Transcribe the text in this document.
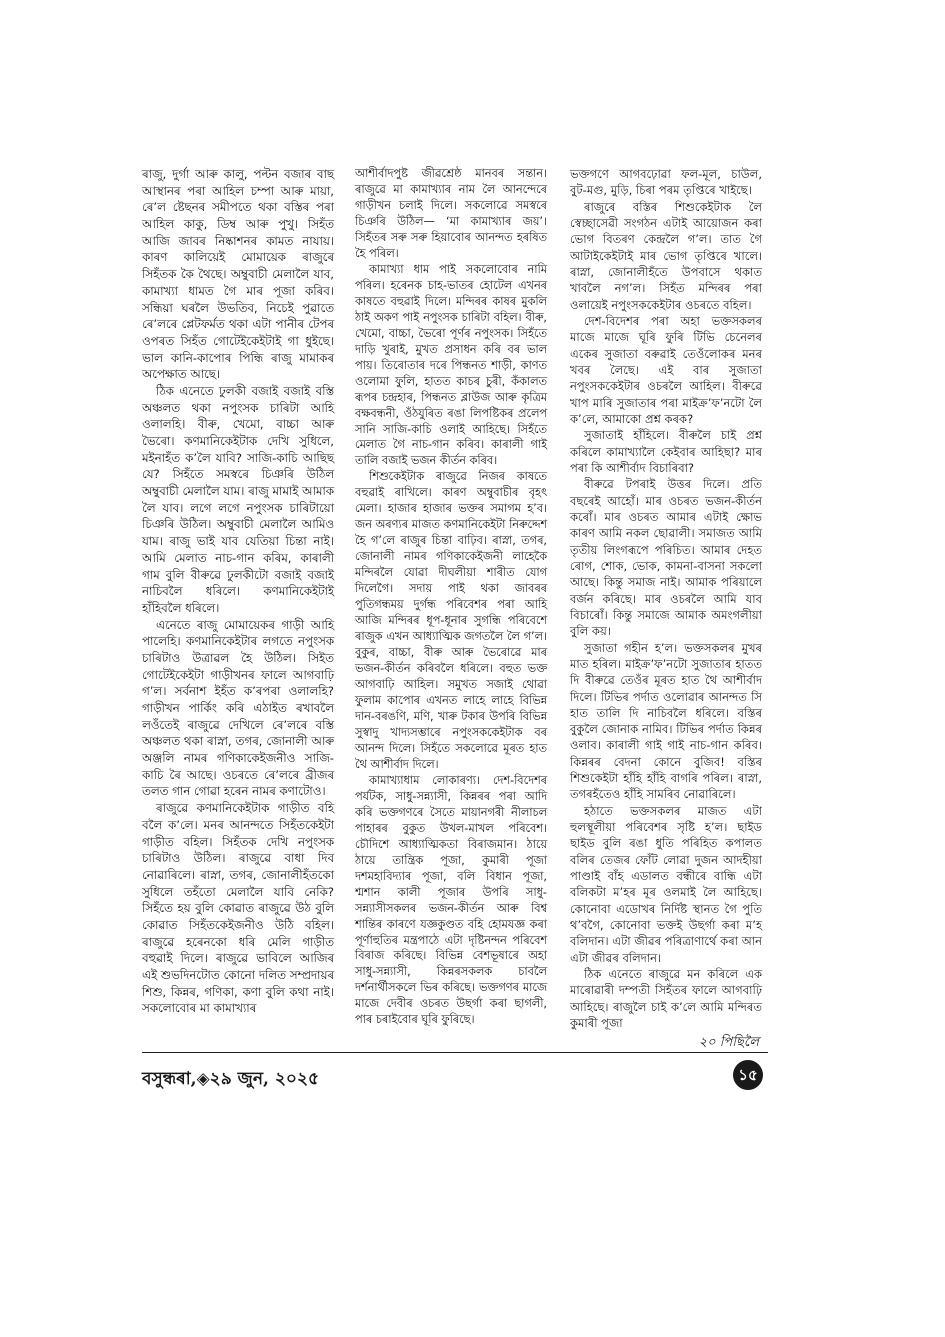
ৰাজু, দুৰ্গা আৰু কালু, পল্টন বজাৰ বাছ আস্থানৰ পৰা আহিল চম্পা আৰু মায়া, ৰে’ল ষ্টেছনৰ সমীপতে থকা বস্তিৰ পৰা আহিল কাকু, ডিম্ব আৰু পুখু। সিহঁত আজি জাবৰ নিষ্কাশনৰ কামত নাযায়। কাৰণ কালিয়েই মোমায়েক ৰাজুৰে সিহঁতক কৈ থৈছে। অম্বুবাচী মেলালৈ যাব, কামাখ্যা ধামত গৈ মাৰ পূজা কৰিব। সন্ধিয়া ঘৰলৈ উভতিব, নিচেই পুৱাতে ৰে’লৰে প্লেটফৰ্মত থকা এটা পানীৰ টেপৰ ওপৰত সিহঁত গোটেইকেইটাই গা ধুইছে। ভাল কানি-কাপোৰ পিন্ধি ৰাজু মামাকৰ অপেক্ষাত আছে।

ঠিক এনেতে ঢুলকী বজাই বজাই বস্তি অঞ্চলত থকা নপুংসক চাৰিটা আহি ওলালহি। বীৰু, খেমো, বাচ্চা আৰু ভৈৰো। কণমানিকেইটাক দেখি সুধিলে, মইনাহঁত ক’লৈ যাবি? সাজি-কাচি আছিছ যে? সিহঁতে সমস্বৰে চিঞৰি উঠিল অম্বুবাচী মেলালৈ যাম। ৰাজু মামাই আমাক লৈ যাব। লগে লগে নপুংসক চাৰিটায়ো চিঞৰি উঠিল। অম্বুবাচী মেলালৈ আমিও যাম। ৰাজু ভাই যাব যেতিয়া চিন্তা নাই। আমি মেলাত নাচ-গান কৰিম, কাৰালী গাম বুলি বীৰুৱে ঢুলকীটো বজাই বজাই নাচিবলৈ ধৰিলে। কণমানিকেইটাই হাঁহিবলৈ ধৰিলে।

এনেতে ৰাজু মোমায়েকৰ গাড়ী আহি পালেহি। কণমানিকেইটাৰ লগতে নপুংসক চাৰিটাও উত্ৰাৱল হৈ উঠিল। সিইত গোটেইকেইটা গাড়ীখনৰ ফালে আগবাঢ়ি গ’ল। সৰ্বনাশ ইহঁত ক’ৰপৰা ওলালহি? গাড়ীখন পাৰ্কিং কৰি এঠাইত ৰখাবলৈ লওঁতেই ৰাজুৱে দেখিলে ৰে’লৰে বস্তি অঞ্চলত থকা ৰাস্না, তগৰ, জোনালী আৰু অঞ্জলি নামৰ গণিকাকেইজনীও সাজি-কাচি ৰৈ আছে। ওচৰতে ৰে’লৰে ব্ৰীজৰ তলত গান গোৱা হৰেন নামৰ কণাটোও।

ৰাজুৱে কণমানিকেইটাক গাড়ীত বহি বলৈ ক’লে। মনৰ আনন্দতে সিহঁতকেইটা গাড়ীত বহিল। সিহঁতক দেখি নপুংসক চাৰিটাও উঠিল। ৰাজুৱে বাধা দিব নোৱাৰিলে। ৰাস্না, তগৰ, জোনালীহঁতকো সুধিলে তহঁতো মেলালৈ যাবি নেকি? সিহঁতে হয় বুলি কোৱাত ৰাজুৱে উঠ বুলি কোৱাত সিহঁতকেইজনীও উঠি বহিল। ৰাজুৱে হৰেনকো ধৰি মেলি গাড়ীত বহুৱাই দিলে। ৰাজুৱে ভাবিলে আজিৰ এই শুভদিনটোত কোনো দলিত সম্প্ৰদায়ৰ শিশু, কিন্নৰ, গণিকা, কণা বুলি কথা নাই। সকলোবোৰ মা কামাখ্যাৰ

আশীৰ্বাদপুষ্ট জীৱশ্ৰেষ্ঠ মানবৰ সন্তান। ৰাজুৱে মা কামাখ্যাৰ নাম লৈ আনন্দেৰে গাড়ীখন চলাই দিলে। সকলোৱে সমস্বৰে চিঞৰি উঠিল— ‘মা কামাখ্যাৰ জয়’। সিহঁতৰ সৰু সৰু হিয়াবোৰ আনন্দত হৰষিত হৈ পৰিল।

কামাখ্যা ধাম পাই সকলোবোৰ নামি পৰিল। হৰেনক চাহ-ভাতৰ হোটেল এখনৰ কাষতে বহুৱাই দিলে। মন্দিৰৰ কাষৰ মুকলি ঠাই অকণ পাই নপুংসক চাৰিটা বহিল। বীৰু, খেমো, বাচ্চা, ভৈৰো পূৰ্ণৰ নপুংসক। সিহঁতে দাড়ি খুৰাই, মুখত প্ৰসাধন কৰি বৰ ভাল পায়। তিৰোতাৰ দৰে পিন্ধনত শাড়ী, কাণত ওলোমা ফুলি, হাতত কাচৰ চুৰী, কঁকালত ৰূপৰ চন্দ্ৰহাৰ, পিন্ধনত ব্লাউজ আৰু কৃত্ৰিম বক্ষবন্ধনী, ওঁঠযুৰিত ৰঙা লিপষ্টিকৰ প্ৰলেপ সানি সাজি-কাচি ওলাই আহিছে। সিহঁতে মেলাত গৈ নাচ-গান কৰিব। কাৰালী গাই তালি বজাই ভজন কীৰ্তন কৰিব।

শিশুকেইটাক ৰাজুৱে নিজৰ কাষতে বহুৱাই ৰাখিলে। কাৰণ অম্বুবাচীৰ বৃহৎ মেলা। হাজাৰ হাজাৰ ভক্তৰ সমাগম হ’ব। জন অৰণ্যৰ মাজত কণমানিকেইটা নিৰুদ্দেশ হৈ গ’লে ৰাজুৰ চিন্তা বাঢ়িব। ৰাস্না, তগৰ, জোনালী নামৰ গণিকাকেইজনী লাহেকৈ মন্দিৰলৈ যোৱা দীঘলীয়া শাৰীত যোগ দিলেগৈ। সদায় পাই থকা জাবৰৰ পুতিগন্ধময় দুৰ্গন্ধ পৰিবেশৰ পৰা আহি আজি মন্দিৰৰ ধূপ-ধূনাৰ সুগন্ধি পৰিবেশে ৰাজুক এখন আধ্যাত্মিক জগতলৈ লৈ গ’ল। বুকুৰ, বাচ্চা, বীৰু আৰু ভৈৰোৱে মাৰ ভজন-কীৰ্তন কৰিবলৈ ধৰিলে। বহুত ভক্ত আগবাঢ়ি আহিল। সমুখত সজাই থোৱা ফুলাম কাপোৰ এখনত লাহে লাহে বিভিন্ন দান-বৰঙণি, মণি, খাৰু টকাৰ উপৰি বিভিন্ন সুস্বাদু খাদ্যসম্ভাৰে নপুংসককেইটাক বৰ আনন্দ দিলে। সিহঁতে সকলোৱে মূৰত হাত থৈ আশীৰ্বাদ দিলে।

কামাখ্যাধাম লোকাৰণ্য। দেশ-বিদেশৰ পৰ্যটক, সাধু-সন্ন্যাসী, কিন্নৰৰ পৰা আদি কৰি ভক্তগণৰে সৈতে মায়ানগৰী নীলাচল পাহাৰৰ বুকুত উখল-মাখল পৰিবেশ। চৌদিশে আধ্যাত্মিকতা বিৰাজমান। ঠায়ে ঠায়ে তান্ত্ৰিক পূজা, কুমাৰী পূজা দশমহাবিদ্যাৰ পূজা, বলি বিধান পূজা, শ্মশান কালী পূজাৰ উপৰি সাধু-সন্ন্যাসীসকলৰ ভজন-কীৰ্তন আৰু বিশ্ব শান্তিৰ কাৰণে যজ্ঞকুণ্ডত বহি হোমযজ্ঞ কৰা পূৰ্ণাহুতিৰ মন্ত্ৰপাঠে এটা দৃষ্টিনন্দন পৰিবেশ বিৰাজ কৰিছে। বিভিন্ন বেশভূষাৰে অহা সাধু-সন্ন্যাসী, কিন্নৰসকলক চাবলৈ দৰ্শনাৰ্থীসকলে ভিৰ কৰিছে। ভক্তগণৰ মাজে মাজে দেবীৰ ওচৰত উছৰ্গা কৰা ছাগলী, পাৰ চৰাইবোৰ ঘূৰি ফুৰিছে।

ভক্তগণে আগবঢ়োৱা ফল-মূল, চাউল, বুট-মগু, মুড়ি, চিৰা পৰম তৃপ্তিৰে খাইছে।

ৰাজুৰে বস্তিৰ শিশুকেইটাক লৈ স্বেচ্ছাসেৱী সংগঠন এটাই আয়োজন কৰা ভোগ বিতৰণ কেন্দ্ৰলৈ গ’ল। তাত গৈ আটাইকেইটাই মাৰ ভোগ তৃপ্তিৰে খালে। ৰাস্না, জোনালীহঁতে উপবাসে থকাত খাবলৈ নগ’ল। সিহঁত মন্দিৰৰ পৰা ওলায়েই নপুংসককেইটাৰ ওচৰতে বহিল।

দেশ-বিদেশৰ পৰা অহা ভক্তসকলৰ মাজে মাজে ঘূৰি ফুৰি টিভি চেনেলৰ একেৰ সুজাতা বৰুৱাই তেওঁলোকৰ মনৰ খবৰ লৈছে। এই বাৰ সুজাতা নপুংসককেইটাৰ ওচৰলৈ আহিল। বীৰুৱে খাপ মাৰি সুজাতাৰ পৰা মাইক্ৰ’ফ’নটো লৈ ক’লে, আমাকো প্ৰশ্ন কৰক?

সুজাতাই হাঁহিলে। বীৰুলৈ চাই প্ৰশ্ন কৰিলে কামাখ্যালৈ কেইবাৰ আহিছা? মাৰ পৰা কি আশীৰ্বাদ বিচাৰিবা?

বীৰুৱে টপৰাই উত্তৰ দিলে। প্ৰতি বছৰেই আহোঁ। মাৰ ওচৰত ভজন-কীৰ্তন কৰোঁ। মাৰ ওচৰত আমাৰ এটাই ক্ষোভ কাৰণ আমি নকল ছোৱালী। সমাজত আমি তৃতীয় লিংগৰূপে পৰিচিত। আমাৰ দেহত ৰোগ, শোক, ভোক, কামনা-বাসনা সকলো আছে। কিন্তু সমাজ নাই। আমাক পৰিয়ালে বৰ্জন কৰিছে। মাৰ ওচৰলৈ আমি যাব বিচাৰোঁ। কিন্তু সমাজে আমাক অমংগলীয়া বুলি কয়।

সুজাতা গহীন হ’ল। ভক্তসকলৰ মুখৰ মাত হৰিল। মাইক্ৰ’ফ’নটো সুজাতাৰ হাতত দি বীৰুৱে তেওঁৰ মূৰত হাত থৈ আশীৰ্বাদ দিলে। টিভিৰ পৰ্দাত ওলোৱাৰ আনন্দত সি হাত তালি দি নাচিবলৈ ধৰিলে। বস্তিৰ বুকুলৈ জোনাক নামিব। টিভিৰ পৰ্দাত কিন্নৰ ওলাব। কাৰালী গাই গাই নাচ-গান কৰিব। কিন্নৰৰ বেদনা কোনে বুজিব! বস্তিৰ শিশুকেইটা হাঁহি হাঁহি বাগৰি পৰিল। ৰাস্না, তগৰহঁতেও হাঁহি সামৰিব নোৱাৰিলে।

হঠাতে ভক্তসকলৰ মাজত এটা হুলস্থূলীয়া পৰিবেশৰ সৃষ্টি হ’ল। ছাইড ছাইড বুলি ৰঙা ধুতি পৰিহিত কপালত বলিৰ তেজৰ ফোঁট লোৱা দুজন আদহীয়া পাণ্ডাই বাঁহ এডালত বন্ধীৰে বান্ধি এটা বলিকটা ম’হৰ মূৰ ওলমাই লৈ আহিছে। কোনোবা এডোখৰ নিৰ্দিষ্ট স্থানত গৈ পুতি থ’বগৈ, কোনোবা ভক্তই উছৰ্গা কৰা ম’হ বলিদান। এটা জীৱৰ পৰিত্ৰাণাৰ্থে কৰা আন এটা জীৱৰ বলিদান।

ঠিক এনেতে ৰাজুৱে মন কৰিলে এক মাৰোৱাৰী দম্পতী সিহঁতৰ ফালে আগবাঢ়ি আহিছে। ৰাজুলৈ চাই ক’লে আমি মন্দিৰত কুমাৰী পূজা

২০ পিছিলৈ
বসুন্ধৰা,◈২৯ জুন, ২০২৫	১৫
